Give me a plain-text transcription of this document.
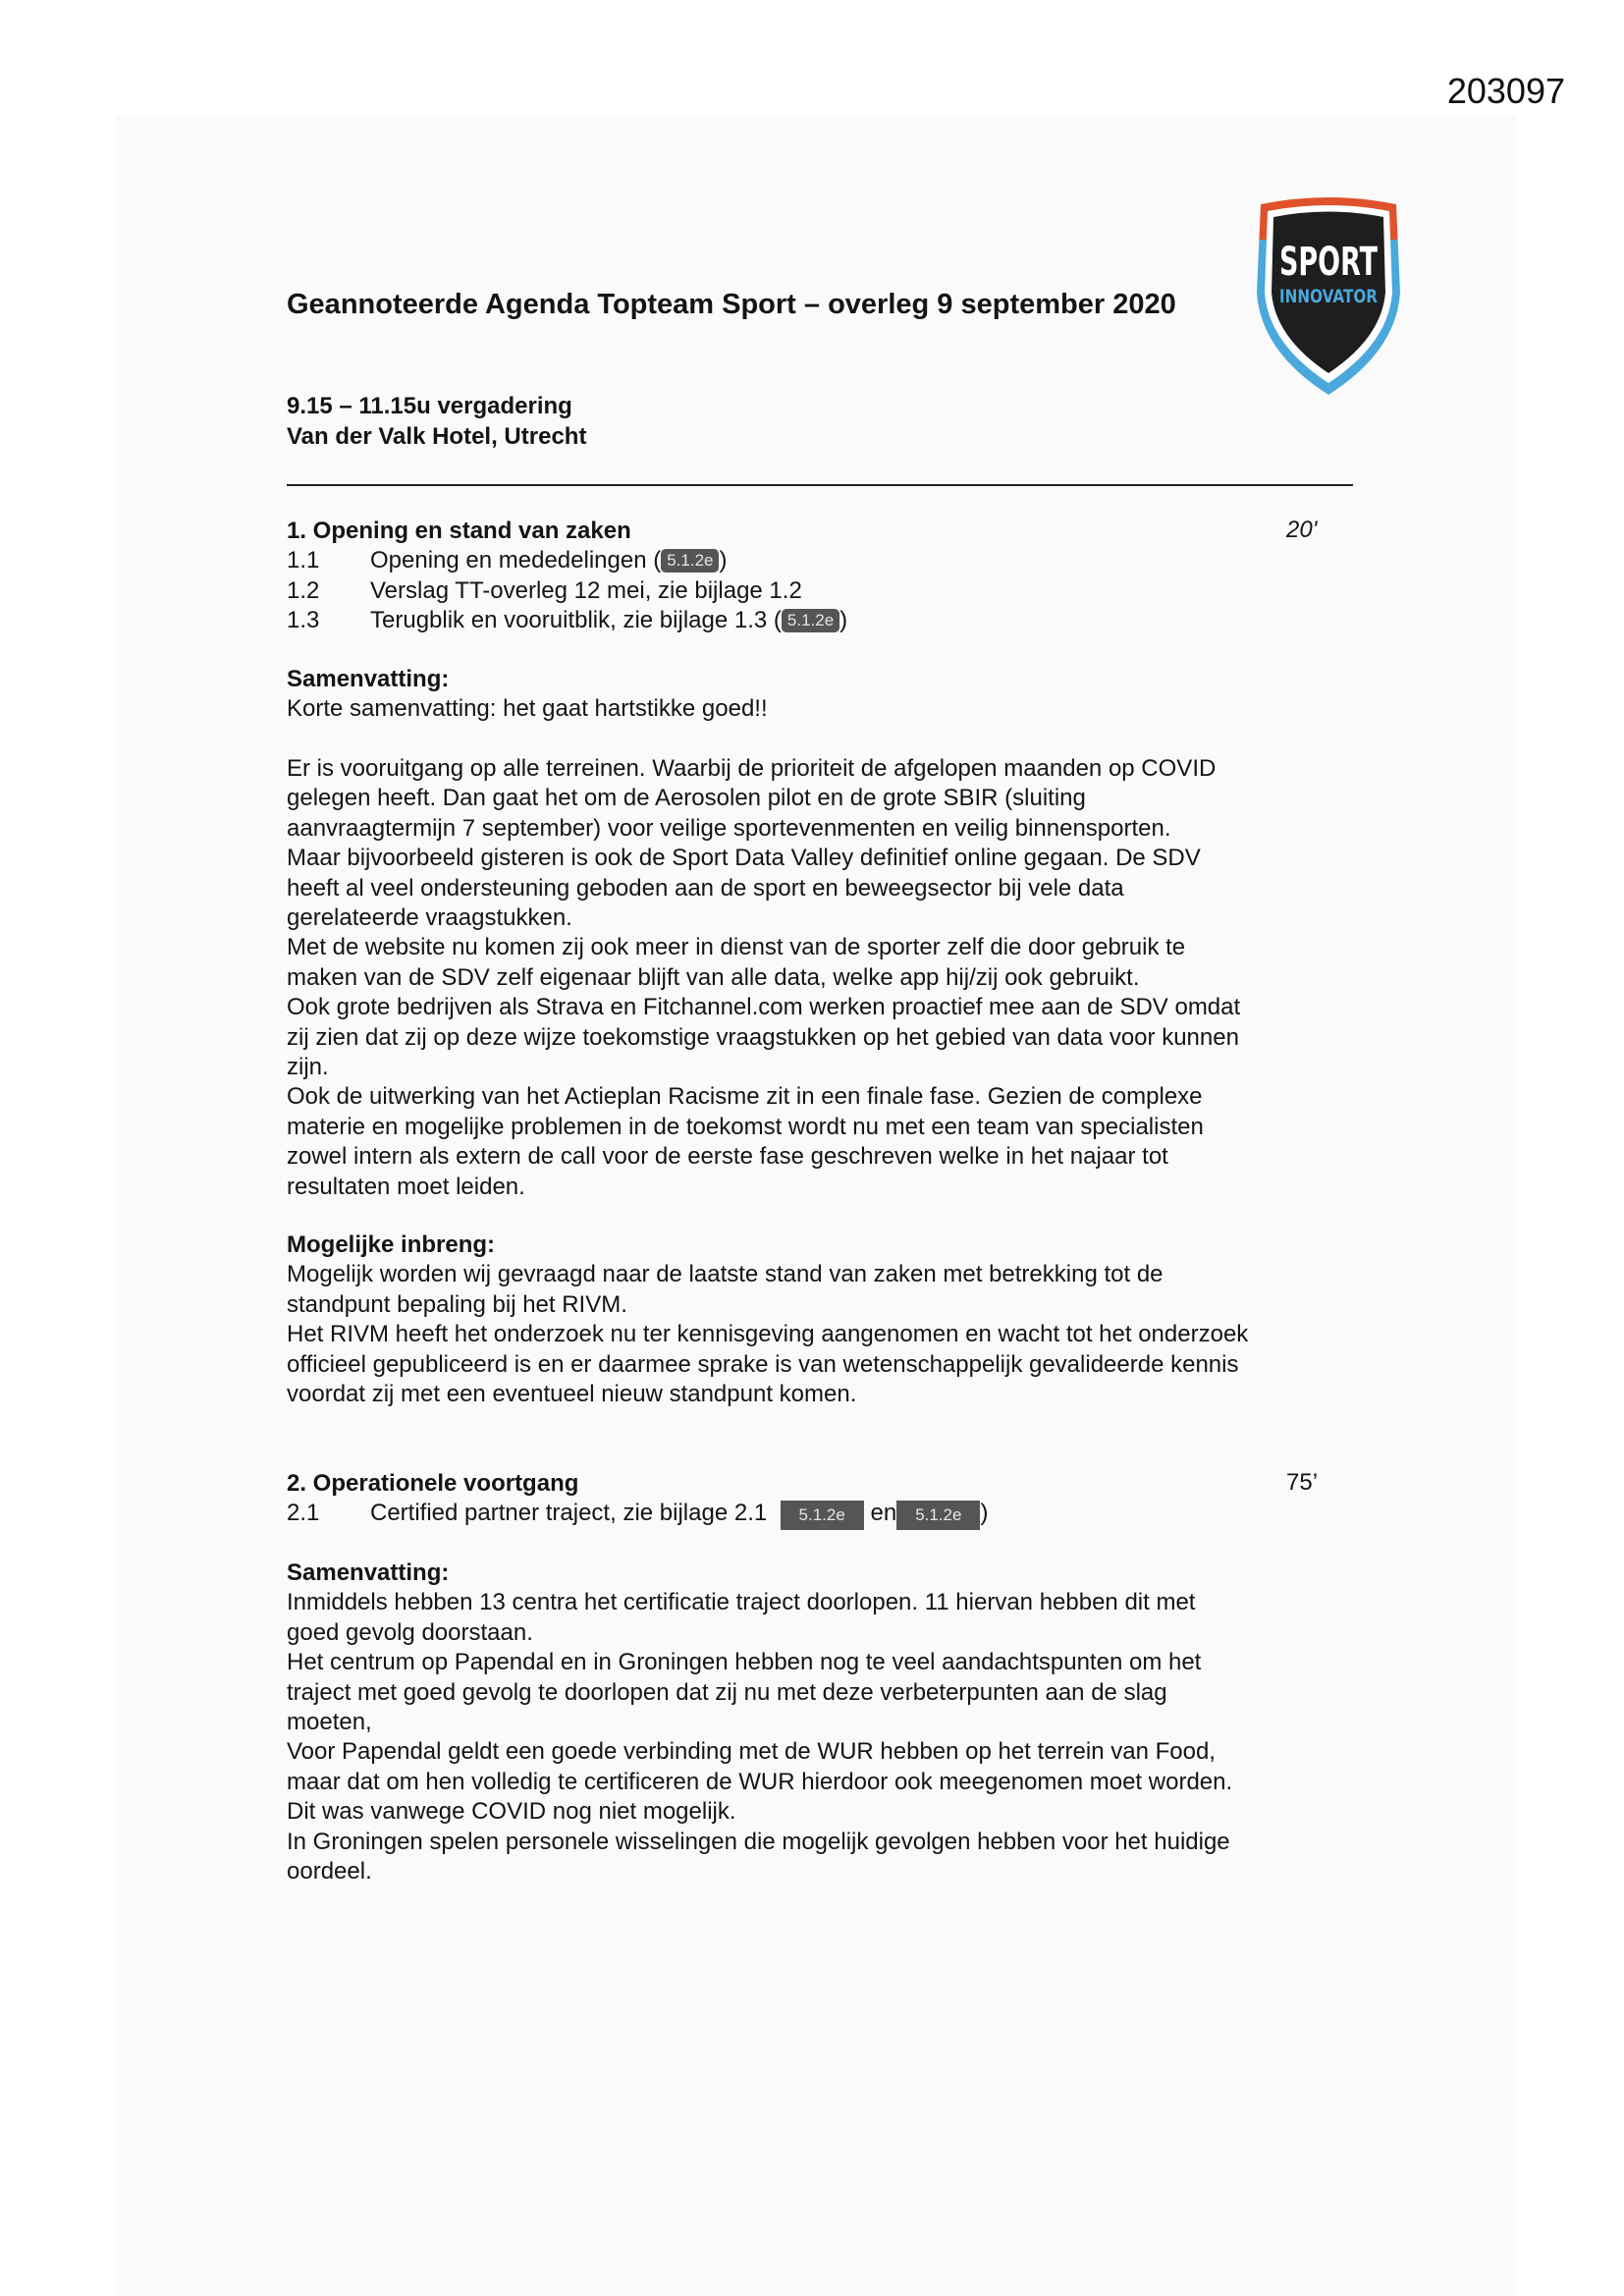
203097
SPORT
INNOVATOR
Geannoteerde Agenda Topteam Sport – overleg 9 september 2020
9.15 – 11.15u vergadering
Van der Valk Hotel, Utrecht
1. Opening en stand van zaken
1.1	Opening en mededelingen ( 5.1.2e )
1.2	Verslag TT-overleg 12 mei, zie bijlage 1.2
1.3	Terugblik en vooruitblik, zie bijlage 1.3 ( 5.1.2e )
20'
Samenvatting:

Korte samenvatting: het gaat hartstikke goed!!

Er is vooruitgang op alle terreinen. Waarbij de prioriteit de afgelopen maanden op COVID

gelegen heeft. Dan gaat het om de Aerosolen pilot en de grote SBIR (sluiting

aanvraagtermijn 7 september) voor veilige sportevenmenten en veilig binnensporten.

Maar bijvoorbeeld gisteren is ook de Sport Data Valley definitief online gegaan. De SDV

heeft al veel ondersteuning geboden aan de sport en beweegsector bij vele data

gerelateerde vraagstukken.

Met de website nu komen zij ook meer in dienst van de sporter zelf die door gebruik te

maken van de SDV zelf eigenaar blijft van alle data, welke app hij/zij ook gebruikt.

Ook grote bedrijven als Strava en Fitchannel.com werken proactief mee aan de SDV omdat

zij zien dat zij op deze wijze toekomstige vraagstukken op het gebied van data voor kunnen

zijn.

Ook de uitwerking van het Actieplan Racisme zit in een finale fase. Gezien de complexe

materie en mogelijke problemen in de toekomst wordt nu met een team van specialisten

zowel intern als extern de call voor de eerste fase geschreven welke in het najaar tot

resultaten moet leiden.

Mogelijke inbreng:

Mogelijk worden wij gevraagd naar de laatste stand van zaken met betrekking tot de

standpunt bepaling bij het RIVM.

Het RIVM heeft het onderzoek nu ter kennisgeving aangenomen en wacht tot het onderzoek

officieel gepubliceerd is en er daarmee sprake is van wetenschappelijk gevalideerde kennis

voordat zij met een eventueel nieuw standpunt komen.

2. Operationele voortgang
2.1	Certified partner traject, zie bijlage 2.1 5.1.2e en 5.1.2e )
75’
Samenvatting:

Inmiddels hebben 13 centra het certificatie traject doorlopen. 11 hiervan hebben dit met

goed gevolg doorstaan.

Het centrum op Papendal en in Groningen hebben nog te veel aandachtspunten om het

traject met goed gevolg te doorlopen dat zij nu met deze verbeterpunten aan de slag

moeten,

Voor Papendal geldt een goede verbinding met de WUR hebben op het terrein van Food,

maar dat om hen volledig te certificeren de WUR hierdoor ook meegenomen moet worden.

Dit was vanwege COVID nog niet mogelijk.

In Groningen spelen personele wisselingen die mogelijk gevolgen hebben voor het huidige

oordeel.
